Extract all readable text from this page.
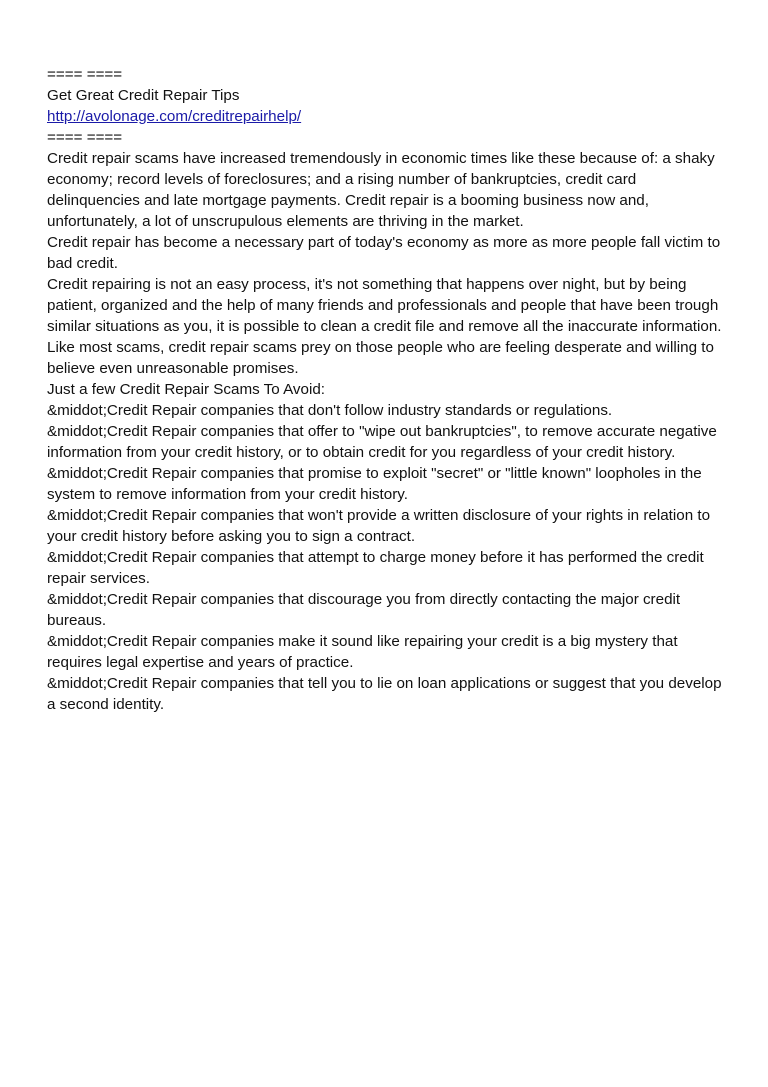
==== ====

Get Great Credit Repair Tips

http://avolonage.com/creditrepairhelp/

==== ====

Credit repair scams have increased tremendously in economic times like these because of: a shaky economy; record levels of foreclosures; and a rising number of bankruptcies, credit card delinquencies and late mortgage payments. Credit repair is a booming business now and, unfortunately, a lot of unscrupulous elements are thriving in the market.

Credit repair has become a necessary part of today's economy as more as more people fall victim to bad credit.

Credit repairing is not an easy process, it's not something that happens over night, but by being patient, organized and the help of many friends and professionals and people that have been trough similar situations as you, it is possible to clean a credit file and remove all the inaccurate information. Like most scams, credit repair scams prey on those people who are feeling desperate and willing to believe even unreasonable promises.

Just a few Credit Repair Scams To Avoid:

&middot;Credit Repair companies that don't follow industry standards or regulations.

&middot;Credit Repair companies that offer to "wipe out bankruptcies", to remove accurate negative information from your credit history, or to obtain credit for you regardless of your credit history.

&middot;Credit Repair companies that promise to exploit "secret" or "little known" loopholes in the system to remove information from your credit history.

&middot;Credit Repair companies that won't provide a written disclosure of your rights in relation to your credit history before asking you to sign a contract.

&middot;Credit Repair companies that attempt to charge money before it has performed the credit repair services.

&middot;Credit Repair companies that discourage you from directly contacting the major credit bureaus.

&middot;Credit Repair companies make it sound like repairing your credit is a big mystery that requires legal expertise and years of practice.

&middot;Credit Repair companies that tell you to lie on loan applications or suggest that you develop a second identity.
